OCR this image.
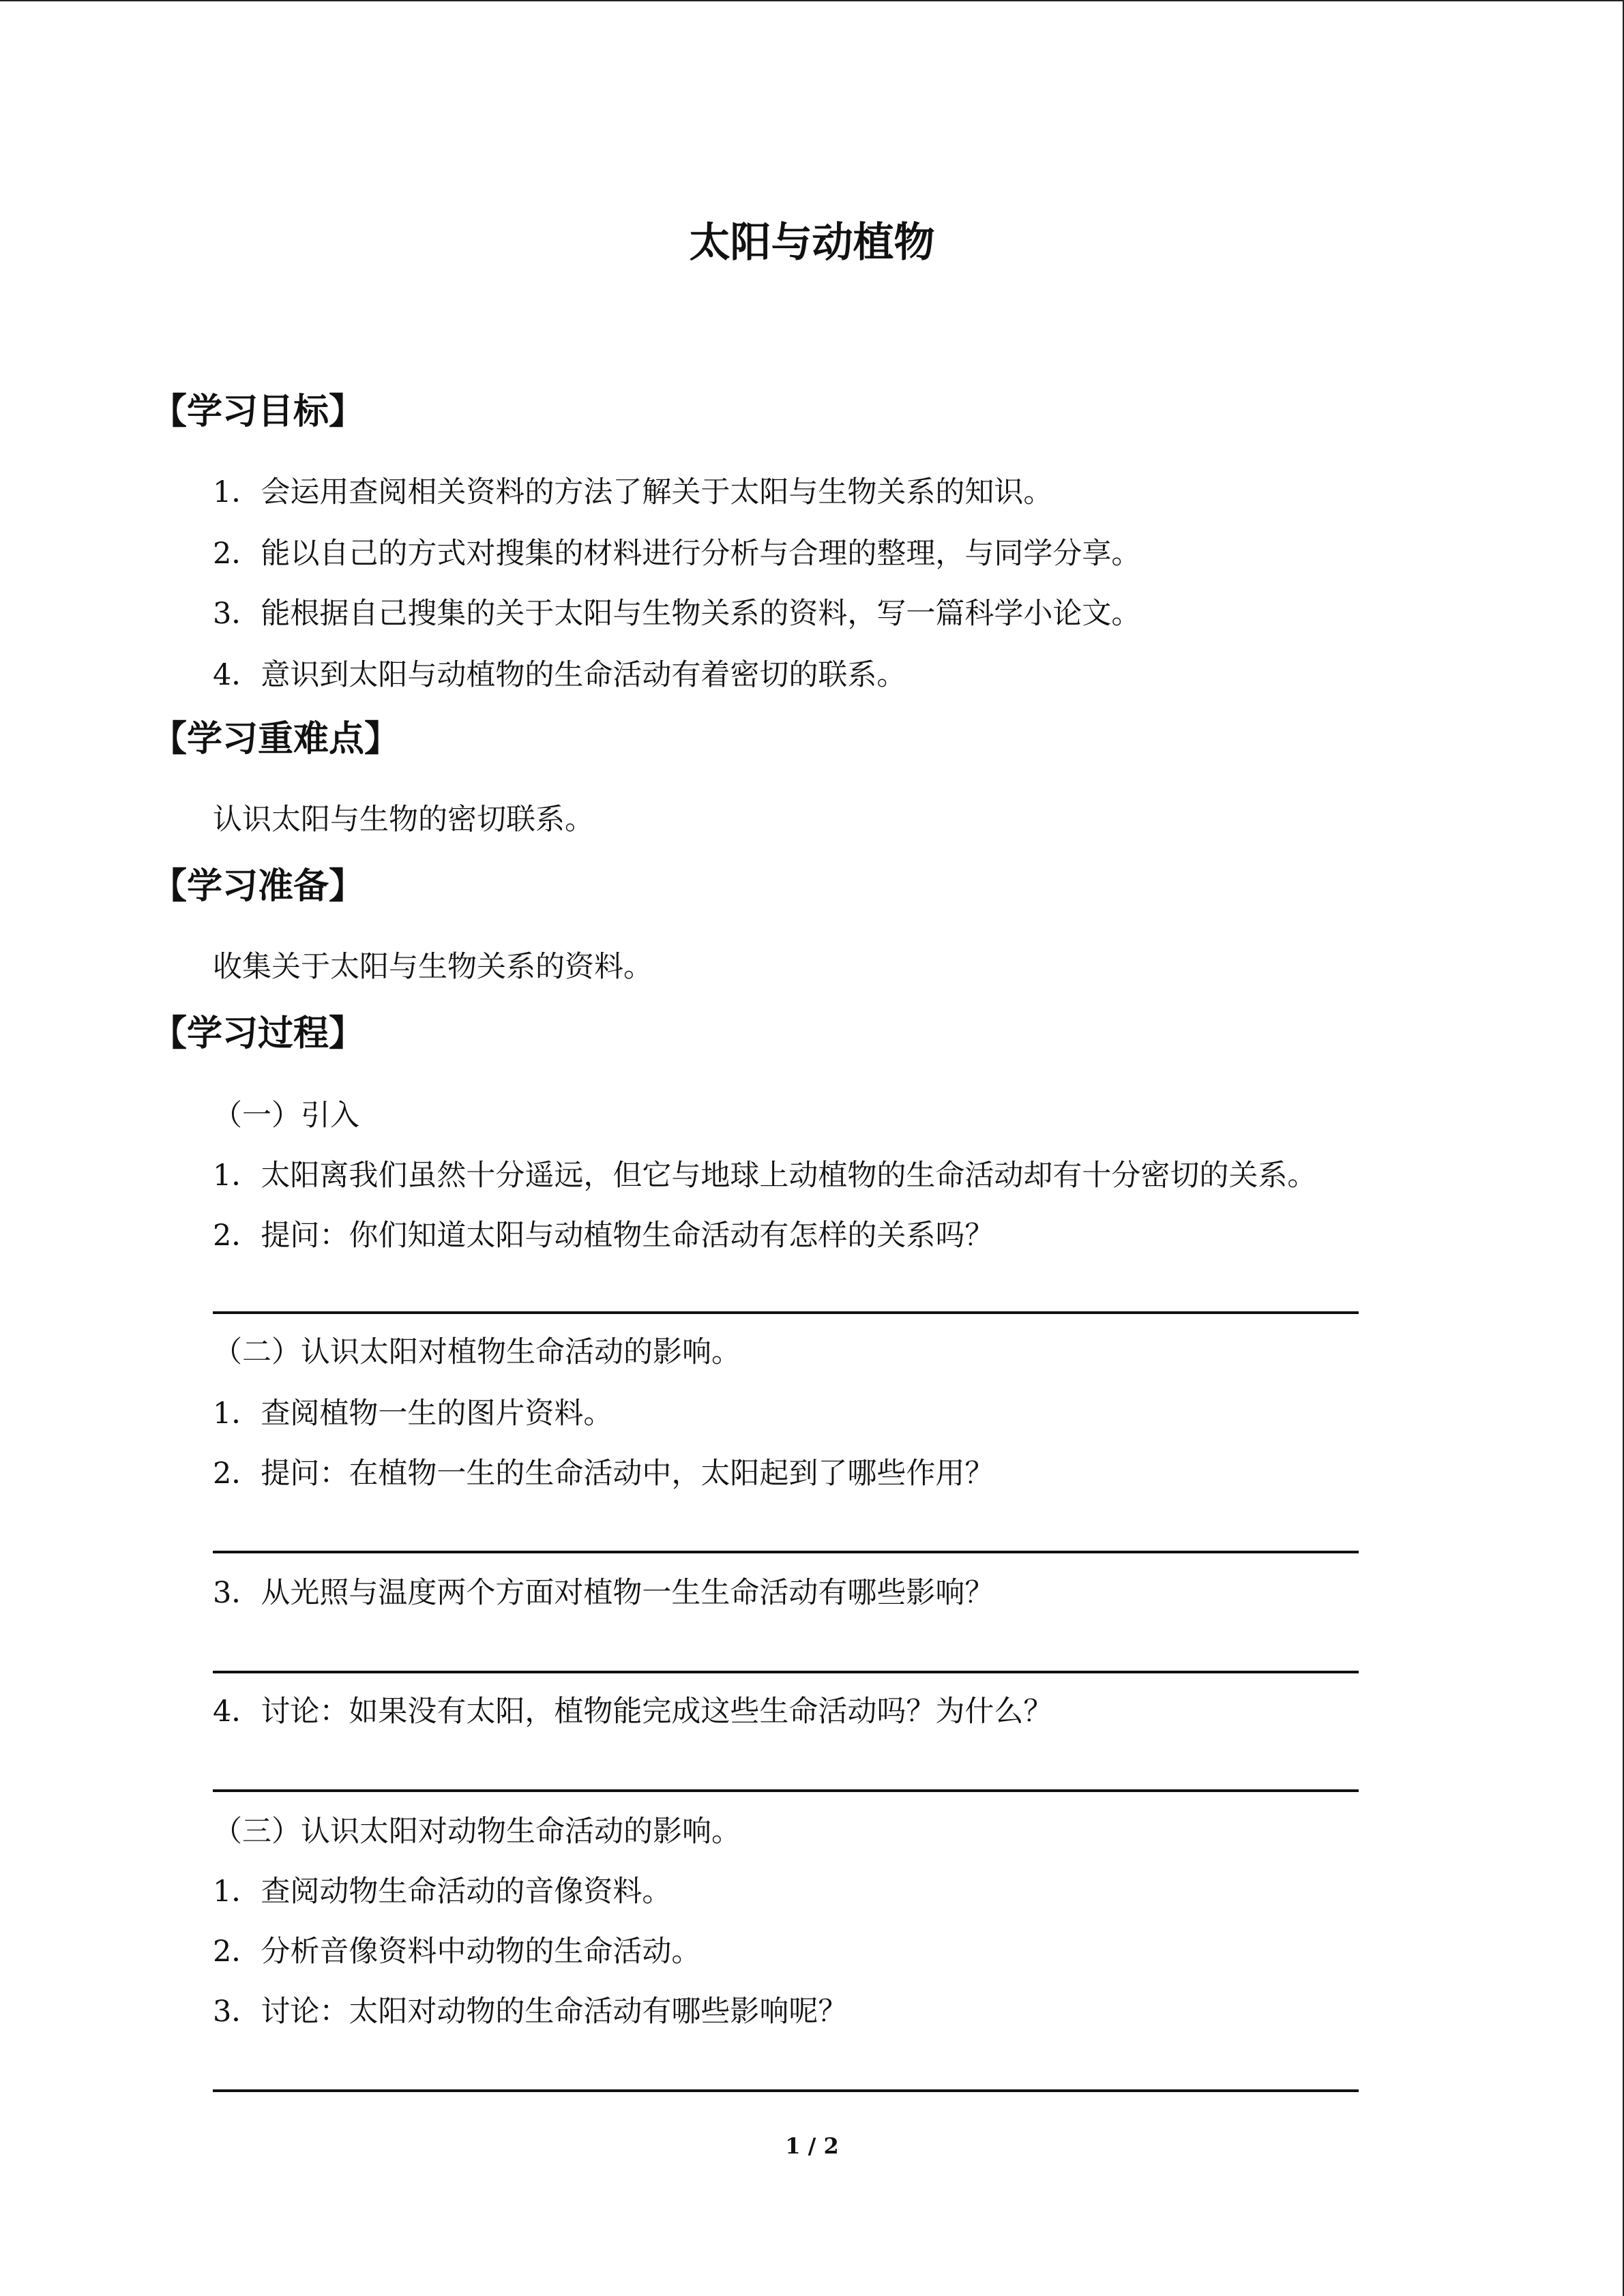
太阳与动植物
【学习目标】
1．会运用查阅相关资料的方法了解关于太阳与生物关系的知识。
2．能以自己的方式对搜集的材料进行分析与合理的整理，与同学分享。
3．能根据自己搜集的关于太阳与生物关系的资料，写一篇科学小论文。
4．意识到太阳与动植物的生命活动有着密切的联系。
【学习重难点】
认识太阳与生物的密切联系。
【学习准备】
收集关于太阳与生物关系的资料。
【学习过程】
（一）引入
1．太阳离我们虽然十分遥远，但它与地球上动植物的生命活动却有十分密切的关系。
2．提问：你们知道太阳与动植物生命活动有怎样的关系吗？
（二）认识太阳对植物生命活动的影响。
1．查阅植物一生的图片资料。
2．提问：在植物一生的生命活动中，太阳起到了哪些作用？
3．从光照与温度两个方面对植物一生生命活动有哪些影响？
4．讨论：如果没有太阳，植物能完成这些生命活动吗？为什么？
（三）认识太阳对动物生命活动的影响。
1．查阅动物生命活动的音像资料。
2．分析音像资料中动物的生命活动。
3．讨论：太阳对动物的生命活动有哪些影响呢？
1 / 2
